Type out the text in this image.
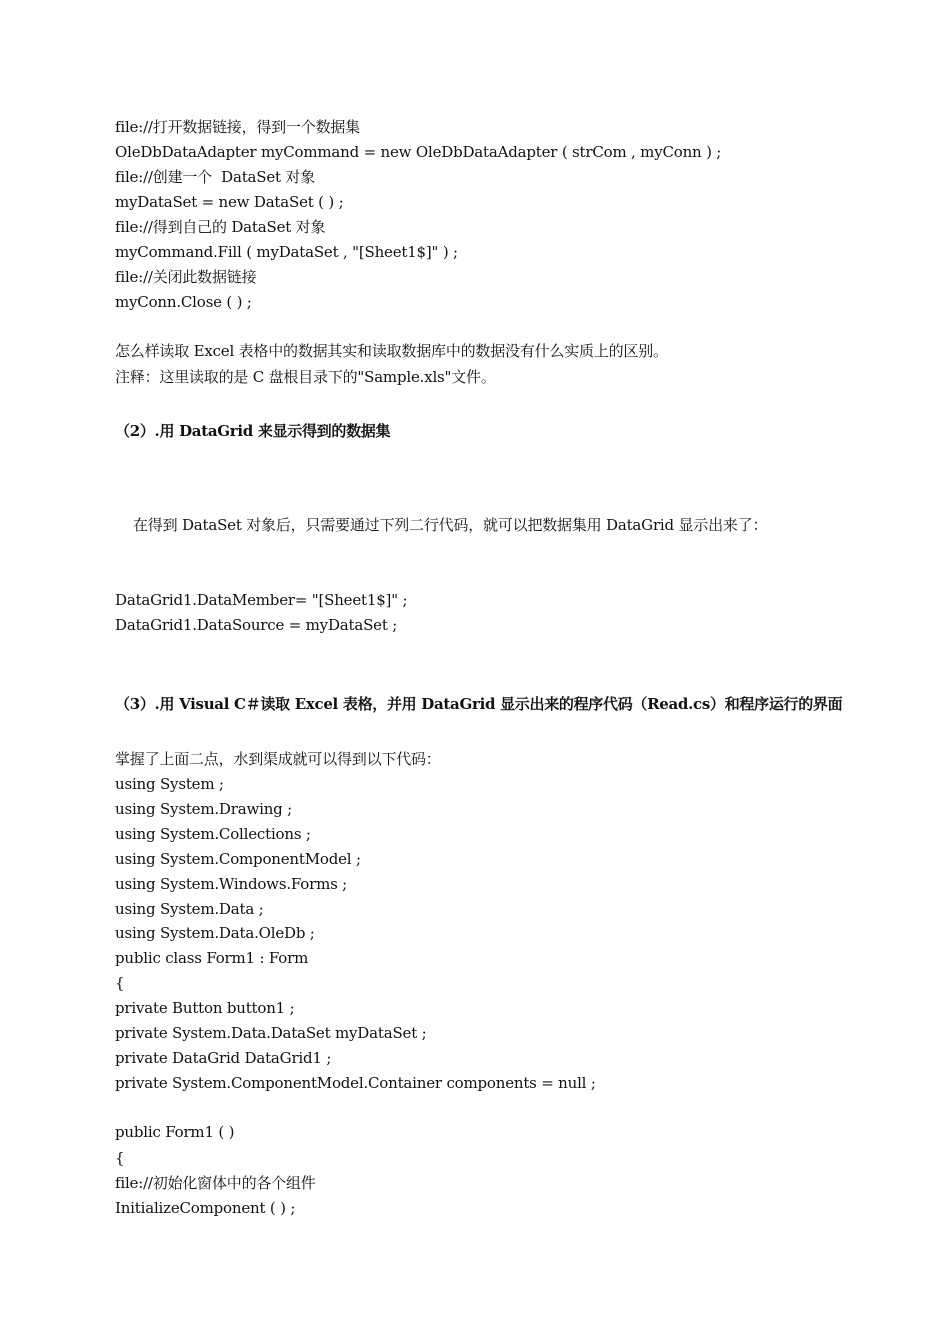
file://打开数据链接，得到一个数据集
OleDbDataAdapter myCommand = new OleDbDataAdapter ( strCom , myConn ) ;
file://创建一个  DataSet 对象
myDataSet = new DataSet ( ) ;
file://得到自己的 DataSet 对象
myCommand.Fill ( myDataSet , "[Sheet1$]" ) ;
file://关闭此数据链接
myConn.Close ( ) ;
怎么样读取 Excel 表格中的数据其实和读取数据库中的数据没有什么实质上的区别。
注释：这里读取的是 C 盘根目录下的"Sample.xls"文件。
（2）.用 DataGrid 来显示得到的数据集
在得到 DataSet 对象后，只需要通过下列二行代码，就可以把数据集用 DataGrid 显示出来了：
DataGrid1.DataMember= "[Sheet1$]" ;
DataGrid1.DataSource = myDataSet ;
（3）.用 Visual C＃读取 Excel 表格，并用 DataGrid 显示出来的程序代码（Read.cs）和程序运行的界面
掌握了上面二点，水到渠成就可以得到以下代码：
using System ;
using System.Drawing ;
using System.Collections ;
using System.ComponentModel ;
using System.Windows.Forms ;
using System.Data ;
using System.Data.OleDb ;
public class Form1 : Form
{
private Button button1 ;
private System.Data.DataSet myDataSet ;
private DataGrid DataGrid1 ;
private System.ComponentModel.Container components = null ;
public Form1 ( )
{
file://初始化窗体中的各个组件
InitializeComponent ( ) ;
